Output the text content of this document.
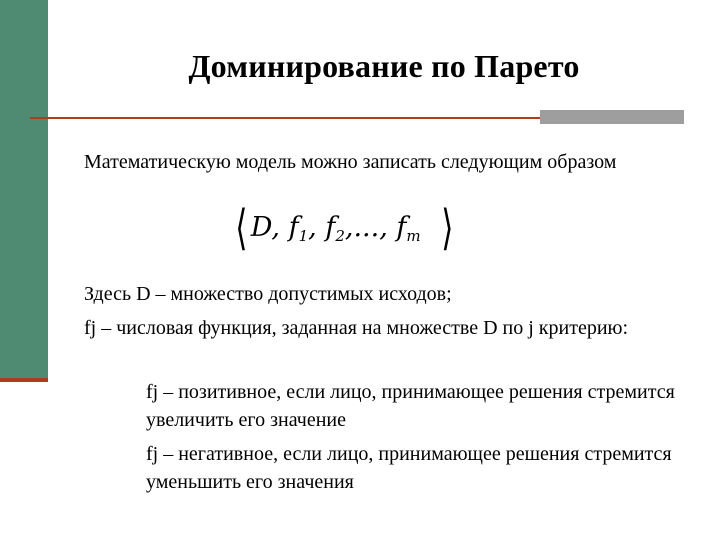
Доминирование по Парето
Математическую модель можно записать следующим образом
⟨ D, $f_1$, $f_2$,..., $f_m$ ⟩
Здесь D – множество допустимых исходов;
fj – числовая функция, заданная на множестве D по j критерию:
fj – позитивное, если лицо, принимающее решения стремится увеличить его значение
fj – негативное, если лицо, принимающее решения стремится уменьшить его значения
